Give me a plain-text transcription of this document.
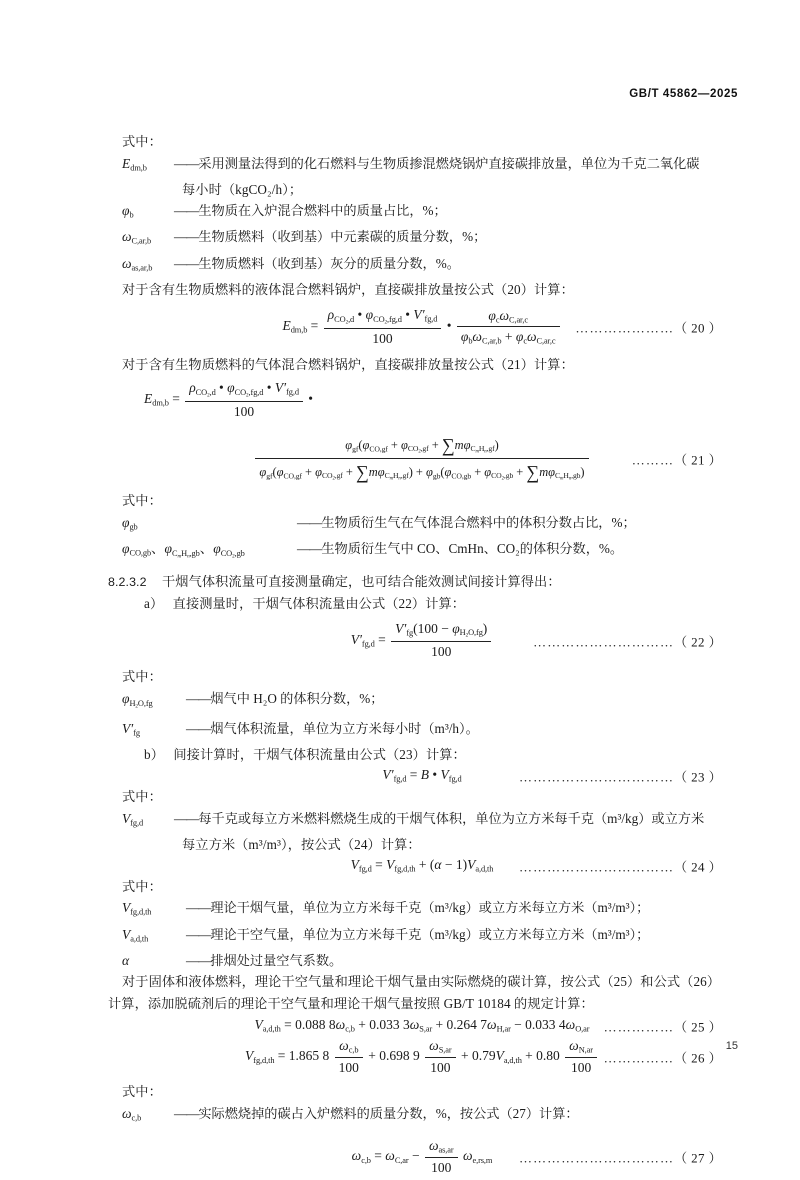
GB/T 45862—2025
式中：
$E_{dm,b}$	—— 采用测量法得到的化石燃料与生物质掺混燃烧锅炉直接碳排放量，单位为千克二氧化碳
每小时（kgCO₂/h）；
$\varphi_b$	—— 生物质在入炉混合燃料中的质量占比，%；
$\omega_{C,ar,b}$	—— 生物质燃料（收到基）中元素碳的质量分数，%；
$\omega_{as,ar,b}$	—— 生物质燃料（收到基）灰分的质量分数，%。
对于含有生物质燃料的液体混合燃料锅炉，直接碳排放量按公式（20）计算：
$E_{dm,b} = \frac{\rho_{CO_2,d} • \varphi_{CO_2,fg,d} • V'_{fg,d}}{100}$ • $\frac{\varphi_c\omega_{C,ar,c}}{\varphi_b\omega_{C,ar,b} + \varphi_c\omega_{C,ar,c}}$ …………………（ 20 ）
对于含有生物质燃料的气体混合燃料锅炉，直接碳排放量按公式（21）计算：
$E_{dm,b} = \frac{\rho_{CO_2,d} • \varphi_{CO_2,fg,d} • V'_{fg,d}}{100}$ •
$\varphi_{gf}(\varphi_{CO,gf} + \varphi_{CO_2,gf} + \sum m\varphi_{C_mH_n,gf})$
$\varphi_{gf}(\varphi_{CO,gf} + \varphi_{CO_2,gf} + \sum m\varphi_{C_mH_n,gf}) + \varphi_{gb}(\varphi_{CO,gb} + \varphi_{CO_2,gb} + \sum m\varphi_{C_mH_n,gb})$
………（ 21 ）
式中：
$\varphi_{gb}$	—— 生物质衍生气在气体混合燃料中的体积分数占比，%；
$\varphi_{CO,gb}$、$\varphi_{C_mH_n,gb}$、$\varphi_{CO_2,gb}$	—— 生物质衍生气中 CO、CmHn、CO₂的体积分数，%。
8.2.3.2 干烟气体积流量可直接测量确定，也可结合能效测试间接计算得出：
a） 直接测量时，干烟气体积流量由公式（22）计算：
$V'_{fg,d} = \frac{V'_{fg}(100 - \varphi_{H_2O,fg})}{100}$	…………………………（ 22 ）
式中：
$\varphi_{H_2O,fg}$	—— 烟气中 H₂O 的体积分数，%；
$V'_{fg}$	—— 烟气体积流量，单位为立方米每小时（m³/h）。
b） 间接计算时，干烟气体积流量由公式（23）计算：
$V'_{fg,d} = B$ • $V_{fg,d}$	……………………………（ 23 ）
式中：
$V_{fg,d}$	—— 每千克或每立方米燃料燃烧生成的干烟气体积，单位为立方米每千克（m³/kg）或立方米
每立方米（m³/m³），按公式（24）计算：
$V_{fg,d} = V_{fg,d,th} + (\alpha - 1)V_{a,d,th}$ ……………………………（ 24 ）
式中：
$V_{fg,d,th}$	—— 理论干烟气量，单位为立方米每千克（m³/kg）或立方米每立方米（m³/m³）；
$V_{a,d,th}$	—— 理论干空气量，单位为立方米每千克（m³/kg）或立方米每立方米（m³/m³）；
α	—— 排烟处过量空气系数。
对于固体和液体燃料，理论干空气量和理论干烟气量由实际燃烧的碳计算，按公式（25）和公式（26）
计算，添加脱硫剂后的理论干空气量和理论干烟气量按照 GB/T 10184 的规定计算：
$V_{a,d,th} = 0.088$ $8\omega_{c,b} + 0.033$ $3\omega_{S,ar} + 0.264$ $7\omega_{H,ar} - 0.033$ $4\omega_{O,ar}$ ……………（ 25 ）
$V_{fg,d,th} = 1.865$ $8 \frac{\omega_{c,b}}{100} + 0.698$ $9 \frac{\omega_{S,ar}}{100} + 0.79V_{a,d,th} + 0.80 \frac{\omega_{N,ar}}{100}$ ……………（ 26 ）
式中：
$\omega_{c,b}$	—— 实际燃烧掉的碳占入炉燃料的质量分数，%，按公式（27）计算：
$\omega_{c,b} = \omega_{C,ar} - \frac{\omega_{as,ar}}{100} \omega_{e,rs,m}$ ……………………………（ 27 ）
15
